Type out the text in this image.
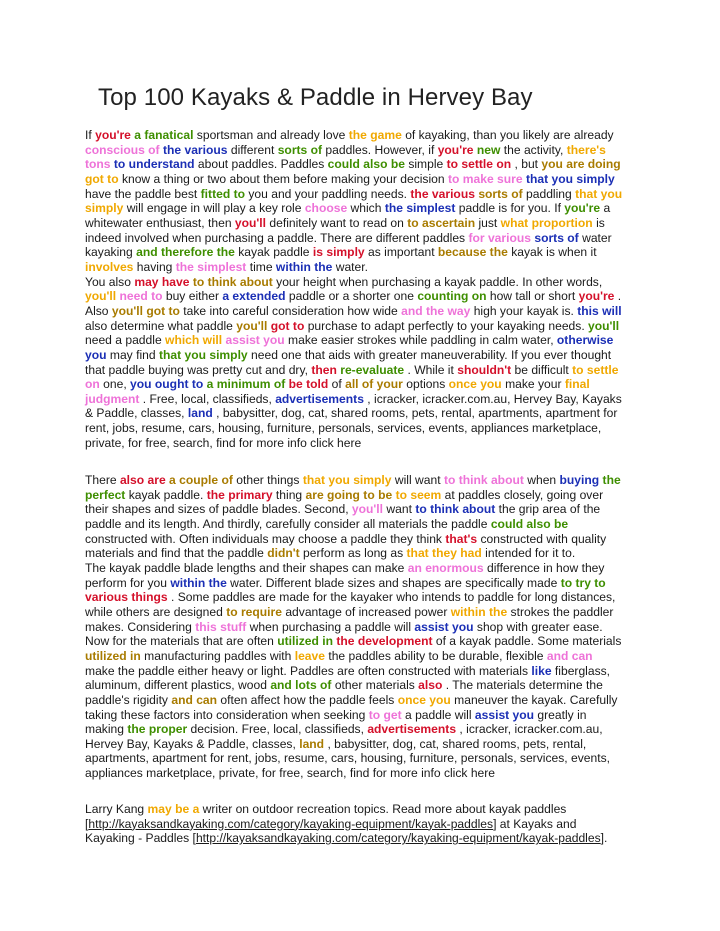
Top 100 Kayaks & Paddle in Hervey Bay
If you're a fanatical sportsman and already love the game of kayaking, than you likely are already
conscious of the various different sorts of paddles. However, if you're new the activity, there's
tons to understand about paddles. Paddles could also be simple to settle on , but you are doing
got to know a thing or two about them before making your decision to make sure that you simply
have the paddle best fitted to you and your paddling needs. the various sorts of paddling that you
simply will engage in will play a key role choose which the simplest paddle is for you. If you're a
whitewater enthusiast, then you'll definitely want to read on to ascertain just what proportion is
indeed involved when purchasing a paddle. There are different paddles for various sorts of water
kayaking and therefore the kayak paddle is simply as important because the kayak is when it
involves having the simplest time within the water.
You also may have to think about your height when purchasing a kayak paddle. In other words,
you'll need to buy either a extended paddle or a shorter one counting on how tall or short you're .
Also you'll got to take into careful consideration how wide and the way high your kayak is. this will
also determine what paddle you'll got to purchase to adapt perfectly to your kayaking needs. you'll
need a paddle which will assist you make easier strokes while paddling in calm water, otherwise
you may find that you simply need one that aids with greater maneuverability. If you ever thought
that paddle buying was pretty cut and dry, then re-evaluate . While it shouldn't be difficult to settle
on one, you ought to a minimum of be told of all of your options once you make your final
judgment . Free, local, classifieds, advertisements , icracker, icracker.com.au, Hervey Bay, Kayaks
& Paddle, classes, land , babysitter, dog, cat, shared rooms, pets, rental, apartments, apartment for
rent, jobs, resume, cars, housing, furniture, personals, services, events, appliances marketplace,
private, for free, search, find for more info click here
There also are a couple of other things that you simply will want to think about when buying the
perfect kayak paddle. the primary thing are going to be to seem at paddles closely, going over
their shapes and sizes of paddle blades. Second, you'll want to think about the grip area of the
paddle and its length. And thirdly, carefully consider all materials the paddle could also be
constructed with. Often individuals may choose a paddle they think that's constructed with quality
materials and find that the paddle didn't perform as long as that they had intended for it to.
The kayak paddle blade lengths and their shapes can make an enormous difference in how they
perform for you within the water. Different blade sizes and shapes are specifically made to try to
various things . Some paddles are made for the kayaker who intends to paddle for long distances,
while others are designed to require advantage of increased power within the strokes the paddler
makes. Considering this stuff when purchasing a paddle will assist you shop with greater ease.
Now for the materials that are often utilized in the development of a kayak paddle. Some materials
utilized in manufacturing paddles with leave the paddles ability to be durable, flexible and can
make the paddle either heavy or light. Paddles are often constructed with materials like fiberglass,
aluminum, different plastics, wood and lots of other materials also . The materials determine the
paddle's rigidity and can often affect how the paddle feels once you maneuver the kayak. Carefully
taking these factors into consideration when seeking to get a paddle will assist you greatly in
making the proper decision. Free, local, classifieds, advertisements , icracker, icracker.com.au,
Hervey Bay, Kayaks & Paddle, classes, land , babysitter, dog, cat, shared rooms, pets, rental,
apartments, apartment for rent, jobs, resume, cars, housing, furniture, personals, services, events,
appliances marketplace, private, for free, search, find for more info click here
Larry Kang may be a writer on outdoor recreation topics. Read more about kayak paddles
[http://kayaksandkayaking.com/category/kayaking-equipment/kayak-paddles] at Kayaks and
Kayaking - Paddles [http://kayaksandkayaking.com/category/kayaking-equipment/kayak-paddles].
